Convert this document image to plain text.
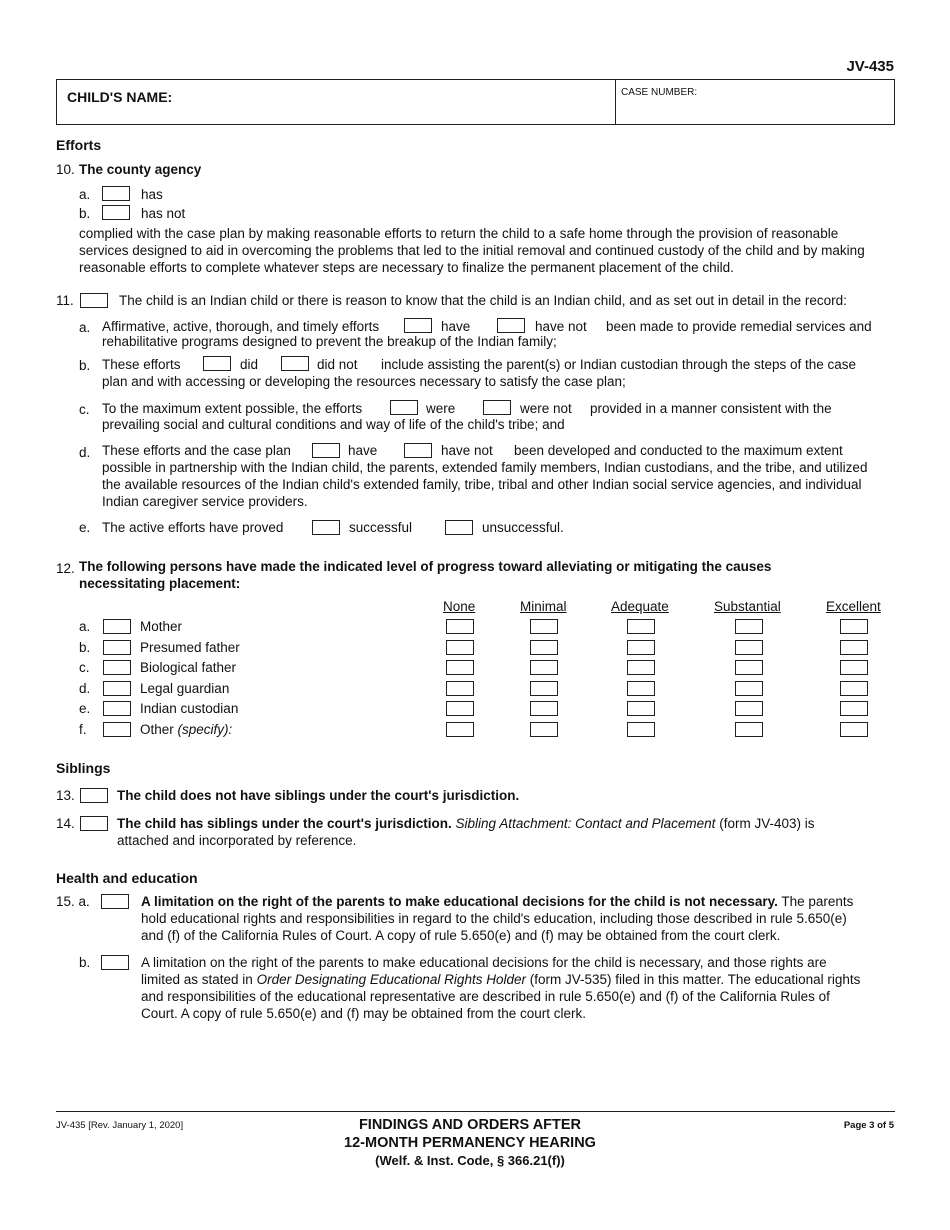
JV-435
CHILD'S NAME:	CASE NUMBER:
Efforts
10. The county agency
a.	has
b.	has not
complied with the case plan by making reasonable efforts to return the child to a safe home through the provision of reasonable services designed to aid in overcoming the problems that led to the initial removal and continued custody of the child and by making reasonable efforts to complete whatever steps are necessary to finalize the permanent placement of the child.
11.	The child is an Indian child or there is reason to know that the child is an Indian child, and as set out in detail in the record:
a. Affirmative, active, thorough, and timely efforts	have	have not been made to provide remedial services and
rehabilitative programs designed to prevent the breakup of the Indian family;
b. These efforts	did	did not include assisting the parent(s) or Indian custodian through the steps of the case
plan and with accessing or developing the resources necessary to satisfy the case plan;
c. To the maximum extent possible, the efforts	were	were not provided in a manner consistent with the
prevailing social and cultural conditions and way of life of the child's tribe; and
d. These efforts and the case plan	have	have not been developed and conducted to the maximum extent
possible in partnership with the Indian child, the parents, extended family members, Indian custodians, and the tribe, and utilized
the available resources of the Indian child's extended family, tribe, tribal and other Indian social service agencies, and individual
Indian caregiver service providers.
e. The active efforts have proved	successful	unsuccessful.
12. The following persons have made the indicated level of progress toward alleviating or mitigating the causes
necessitating placement:
None	Minimal	Adequate	Substantial	Excellent
a.	Mother
b.	Presumed father
c.	Biological father
d.	Legal guardian
e.	Indian custodian
f.	Other (specify):
Siblings
13.	The child does not have siblings under the court's jurisdiction.
14.	The child has siblings under the court's jurisdiction. Sibling Attachment: Contact and Placement (form JV-403) is
attached and incorporated by reference.
Health and education
15. a.	A limitation on the right of the parents to make educational decisions for the child is not necessary. The parents
hold educational rights and responsibilities in regard to the child's education, including those described in rule 5.650(e)
and (f) of the California Rules of Court. A copy of rule 5.650(e) and (f) may be obtained from the court clerk.
b.	A limitation on the right of the parents to make educational decisions for the child is necessary, and those rights are
limited as stated in Order Designating Educational Rights Holder (form JV-535) filed in this matter. The educational rights
and responsibilities of the educational representative are described in rule 5.650(e) and (f) of the California Rules of
Court. A copy of rule 5.650(e) and (f) may be obtained from the court clerk.
JV-435 [Rev. January 1, 2020]	FINDINGS AND ORDERS AFTER
12-MONTH PERMANENCY HEARING
(Welf. & Inst. Code, § 366.21(f))
Page 3 of 5
